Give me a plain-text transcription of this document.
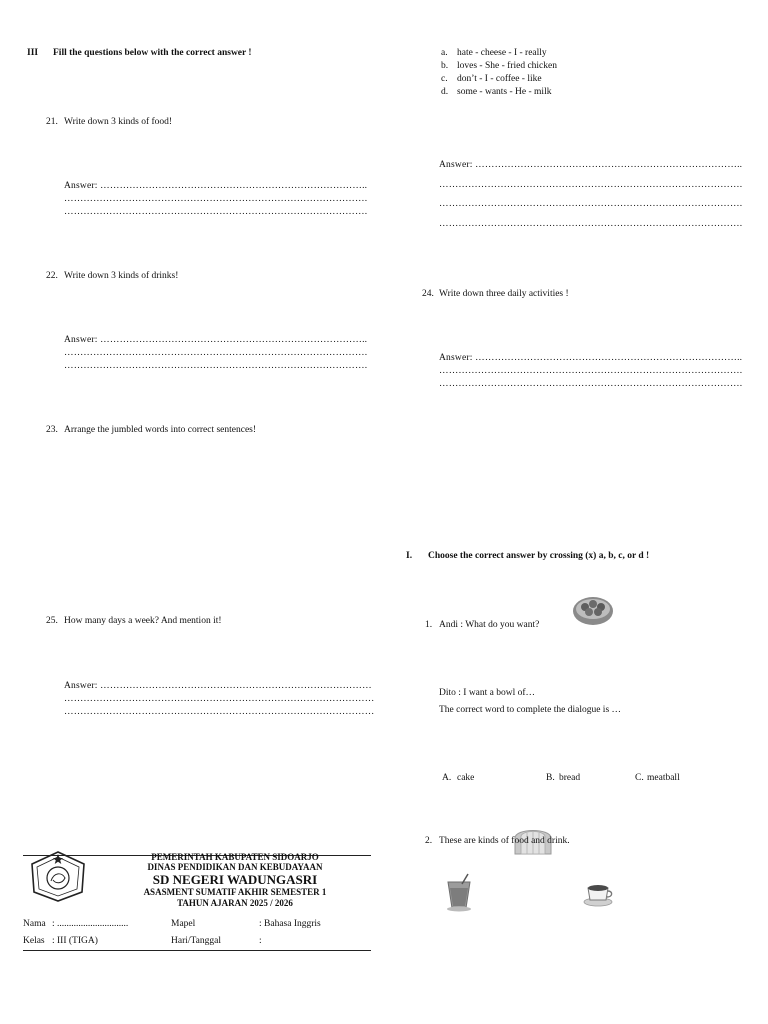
III Fill the questions below with the correct answer !
21. Write down 3 kinds of food!
Answer: ………………………………………………………………………..
………………………………………………………………………………….
………………………………………………………………………………….
22. Write down 3 kinds of drinks!
Answer: ………………………………………………………………………..
………………………………………………………………………………….
………………………………………………………………………………….
23. Arrange the jumbled words into correct sentences!
25. How many days a week? And mention it!
Answer: …………………………………………………………………………
……………………………………………………………………………………
……………………………………………………………………………………
PEMERINTAH KABUPATEN SIDOARJO
DINAS PENDIDIKAN DAN KEBUDAYAAN
SD NEGERI WADUNGASRI
ASASMENT SUMATIF AKHIR SEMESTER 1
TAHUN AJARAN 2025 / 2026
Nama : ..............................	Mapel	: Bahasa Inggris
Kelas : III (TIGA)	Hari/Tanggal	:
a. hate - cheese - I - really
b. loves - She - fried chicken
c. don’t - I - coffee - like
d. some - wants - He - milk
Answer: ………………………………………………………………………..
………………………………………………………………………………….
………………………………………………………………………………….
………………………………………………………………………………….
24. Write down three daily activities !
Answer: ………………………………………………………………………..
………………………………………………………………………………….
………………………………………………………………………………….
I. Choose the correct answer by crossing (x) a, b, c, or d !
1. Andi : What do you want?
Dito : I want a bowl of…
The correct word to complete the dialogue is …
A. cake	B. bread	C. meatball
2. These are kinds of food and drink.
